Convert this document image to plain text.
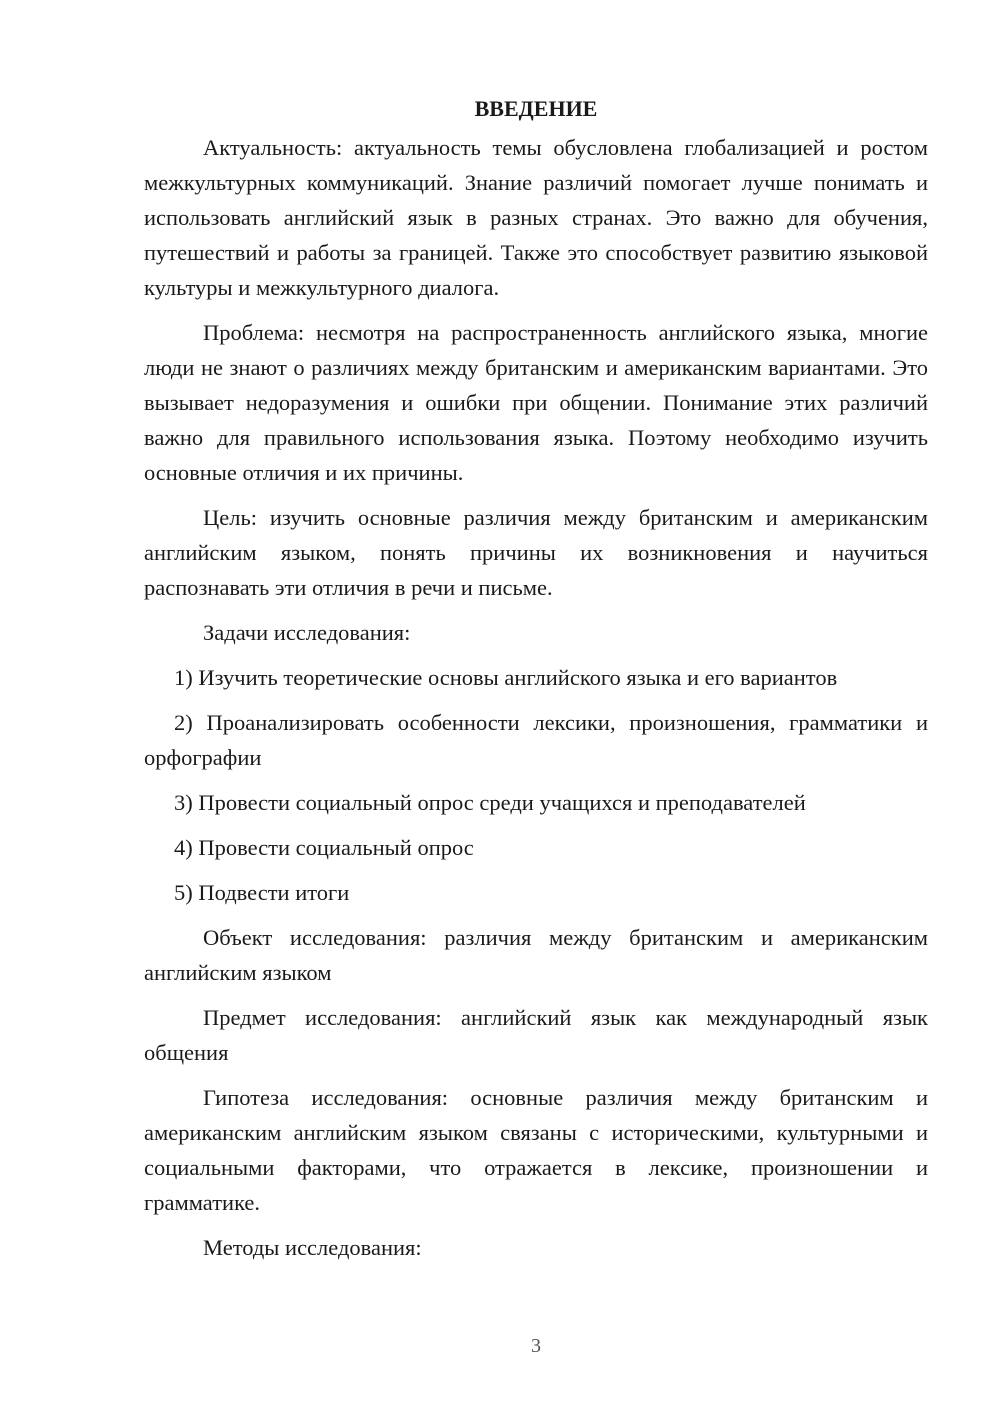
ВВЕДЕНИЕ

Актуальность: актуальность темы обусловлена глобализацией и ростом межкультурных коммуникаций. Знание различий помогает лучше понимать и использовать английский язык в разных странах. Это важно для обучения, путешествий и работы за границей. Также это способствует развитию языковой культуры и межкультурного диалога.

Проблема: несмотря на распространенность английского языка, многие люди не знают о различиях между британским и американским вариантами. Это вызывает недоразумения и ошибки при общении. Понимание этих различий важно для правильного использования языка. Поэтому необходимо изучить основные отличия и их причины.

Цель: изучить основные различия между британским и американским английским языком, понять причины их возникновения и научиться распознавать эти отличия в речи и письме.

Задачи исследования:

1) Изучить теоретические основы английского языка и его вариантов

2) Проанализировать особенности лексики, произношения, грамматики и орфографии

3) Провести социальный опрос среди учащихся и преподавателей

4) Провести социальный опрос

5) Подвести итоги

Объект исследования: различия между британским и американским английским языком

Предмет исследования: английский язык как международный язык общения

Гипотеза исследования: основные различия между британским и американским английским языком связаны с историческими, культурными и социальными факторами, что отражается в лексике, произношении и грамматике.

Методы исследования:

3
